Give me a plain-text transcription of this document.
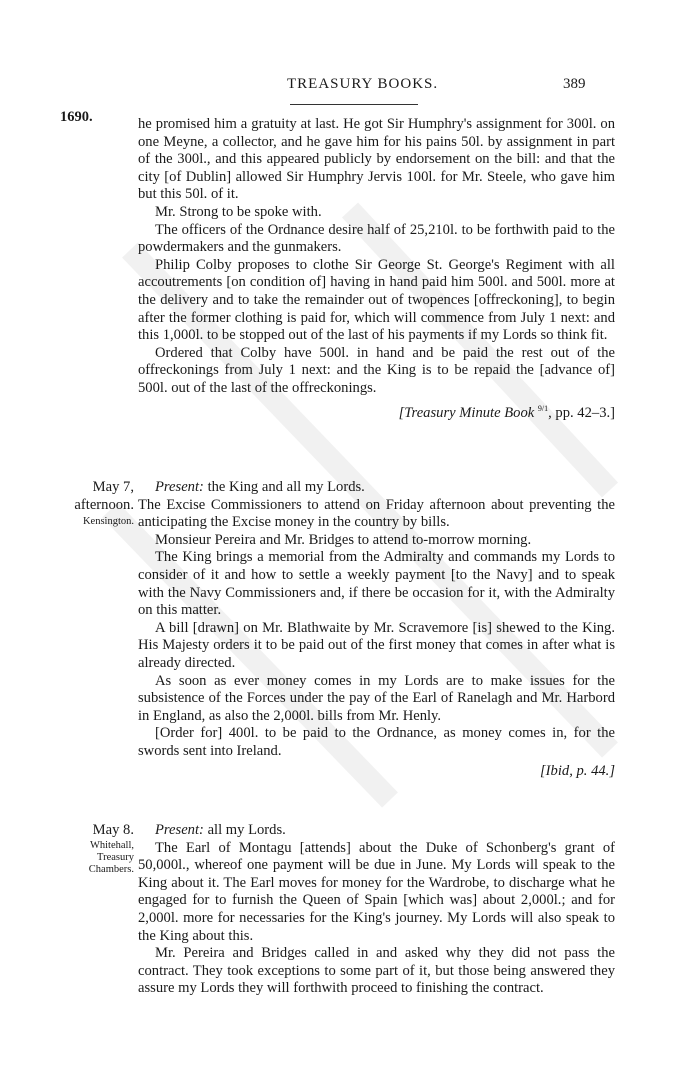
TREASURY BOOKS.	389
1690.	he promised him a gratuity at last. He got Sir Humphry's assignment for 300l. on one Meyne, a collector, and he gave him for his pains 50l. by assignment in part of the 300l., and this appeared publicly by endorsement on the bill: and that the city [of Dublin] allowed Sir Humphry Jervis 100l. for Mr. Steele, who gave him but this 50l. of it.

Mr. Strong to be spoke with.

The officers of the Ordnance desire half of 25,210l. to be forthwith paid to the powdermakers and the gunmakers.

Philip Colby proposes to clothe Sir George St. George's Regiment with all accoutrements [on condition of] having in hand paid him 500l. and 500l. more at the delivery and to take the remainder out of twopences [offreckoning], to begin after the former clothing is paid for, which will commence from July 1 next: and this 1,000l. to be stopped out of the last of his payments if my Lords so think fit.

Ordered that Colby have 500l. in hand and be paid the rest out of the offreckonings from July 1 next: and the King is to be repaid the [advance of] 500l. out of the last of the offreckonings.

[Treasury Minute Book $^{9/1}$, pp. 42–3.]

May 7,
afternoon.
Kensington.

Present: the King and all my Lords.

The Excise Commissioners to attend on Friday afternoon about preventing the anticipating the Excise money in the country by bills.

Monsieur Pereira and Mr. Bridges to attend to-morrow morning.

The King brings a memorial from the Admiralty and commands my Lords to consider of it and how to settle a weekly payment [to the Navy] and to speak with the Navy Commissioners and, if there be occasion for it, with the Admiralty on this matter.

A bill [drawn] on Mr. Blathwaite by Mr. Scravemore [is] shewed to the King. His Majesty orders it to be paid out of the first money that comes in after what is already directed.

As soon as ever money comes in my Lords are to make issues for the subsistence of the Forces under the pay of the Earl of Ranelagh and Mr. Harbord in England, as also the 2,000l. bills from Mr. Henly.

[Order for] 400l. to be paid to the Ordnance, as money comes in, for the swords sent into Ireland.

[Ibid, p. 44.]

May 8.
Whitehall,
Treasury
Chambers.

Present: all my Lords.

The Earl of Montagu [attends] about the Duke of Schonberg's grant of 50,000l., whereof one payment will be due in June. My Lords will speak to the King about it. The Earl moves for money for the Wardrobe, to discharge what he engaged for to furnish the Queen of Spain [which was] about 2,000l.; and for 2,000l. more for necessaries for the King's journey. My Lords will also speak to the King about this.

Mr. Pereira and Bridges called in and asked why they did not pass the contract. They took exceptions to some part of it, but those being answered they assure my Lords they will forthwith proceed to finishing the contract.
